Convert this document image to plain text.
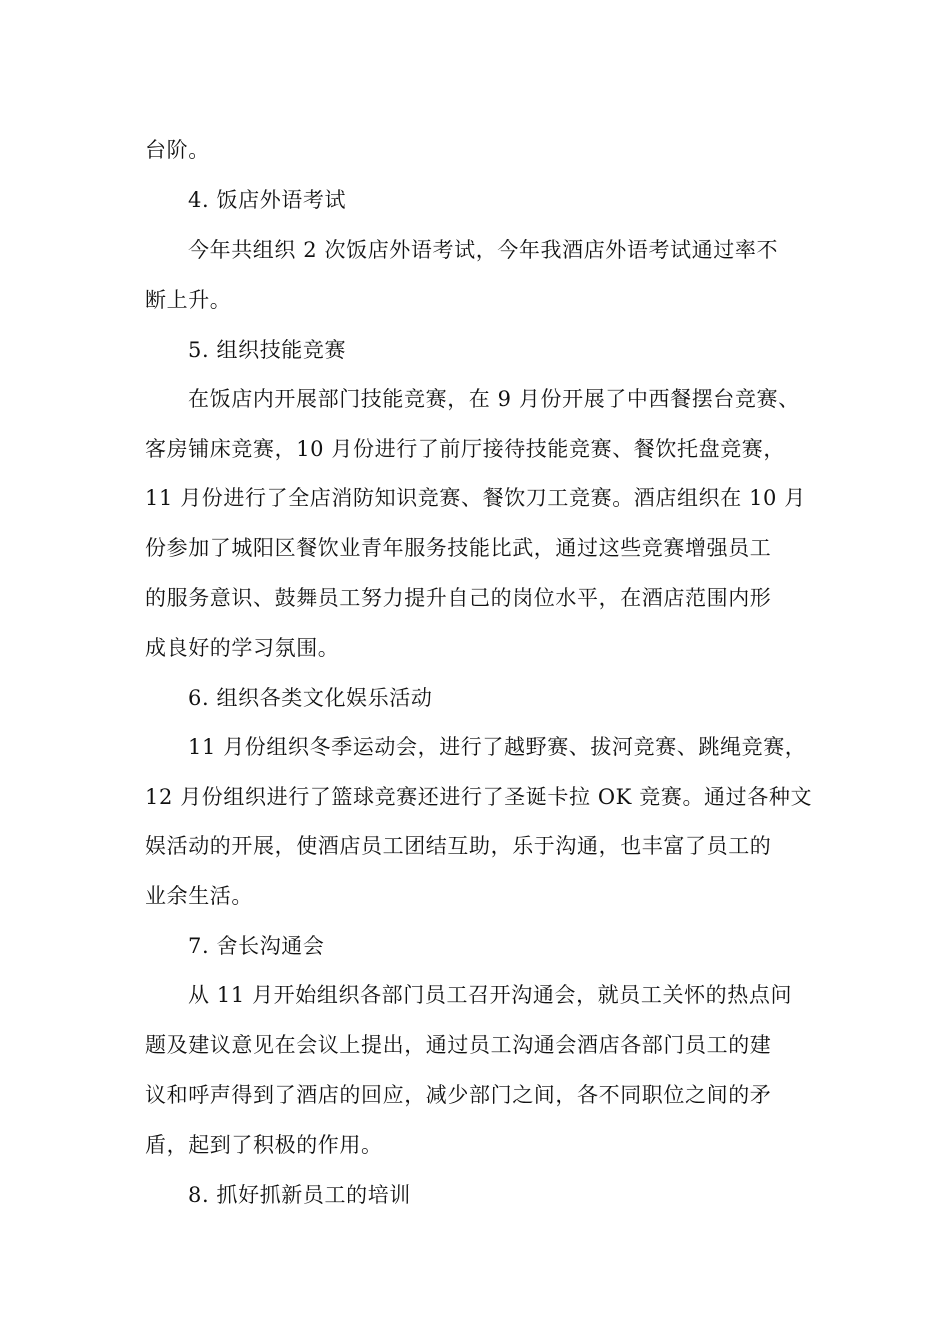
台阶。
4. 饭店外语考试
今年共组织 2 次饭店外语考试，今年我酒店外语考试通过率不
断上升。
5. 组织技能竞赛
在饭店内开展部门技能竞赛，在 9 月份开展了中西餐摆台竞赛、
客房铺床竞赛，10 月份进行了前厅接待技能竞赛、餐饮托盘竞赛，
11 月份进行了全店消防知识竞赛、餐饮刀工竞赛。酒店组织在 10 月
份参加了城阳区餐饮业青年服务技能比武，通过这些竞赛增强员工
的服务意识、鼓舞员工努力提升自己的岗位水平，在酒店范围内形
成良好的学习氛围。
6. 组织各类文化娱乐活动
11 月份组织冬季运动会，进行了越野赛、拔河竞赛、跳绳竞赛，
12 月份组织进行了篮球竞赛还进行了圣诞卡拉 OK 竞赛。通过各种文
娱活动的开展，使酒店员工团结互助，乐于沟通，也丰富了员工的
业余生活。
7. 舍长沟通会
从 11 月开始组织各部门员工召开沟通会，就员工关怀的热点问
题及建议意见在会议上提出，通过员工沟通会酒店各部门员工的建
议和呼声得到了酒店的回应，减少部门之间，各不同职位之间的矛
盾，起到了积极的作用。
8. 抓好抓新员工的培训
